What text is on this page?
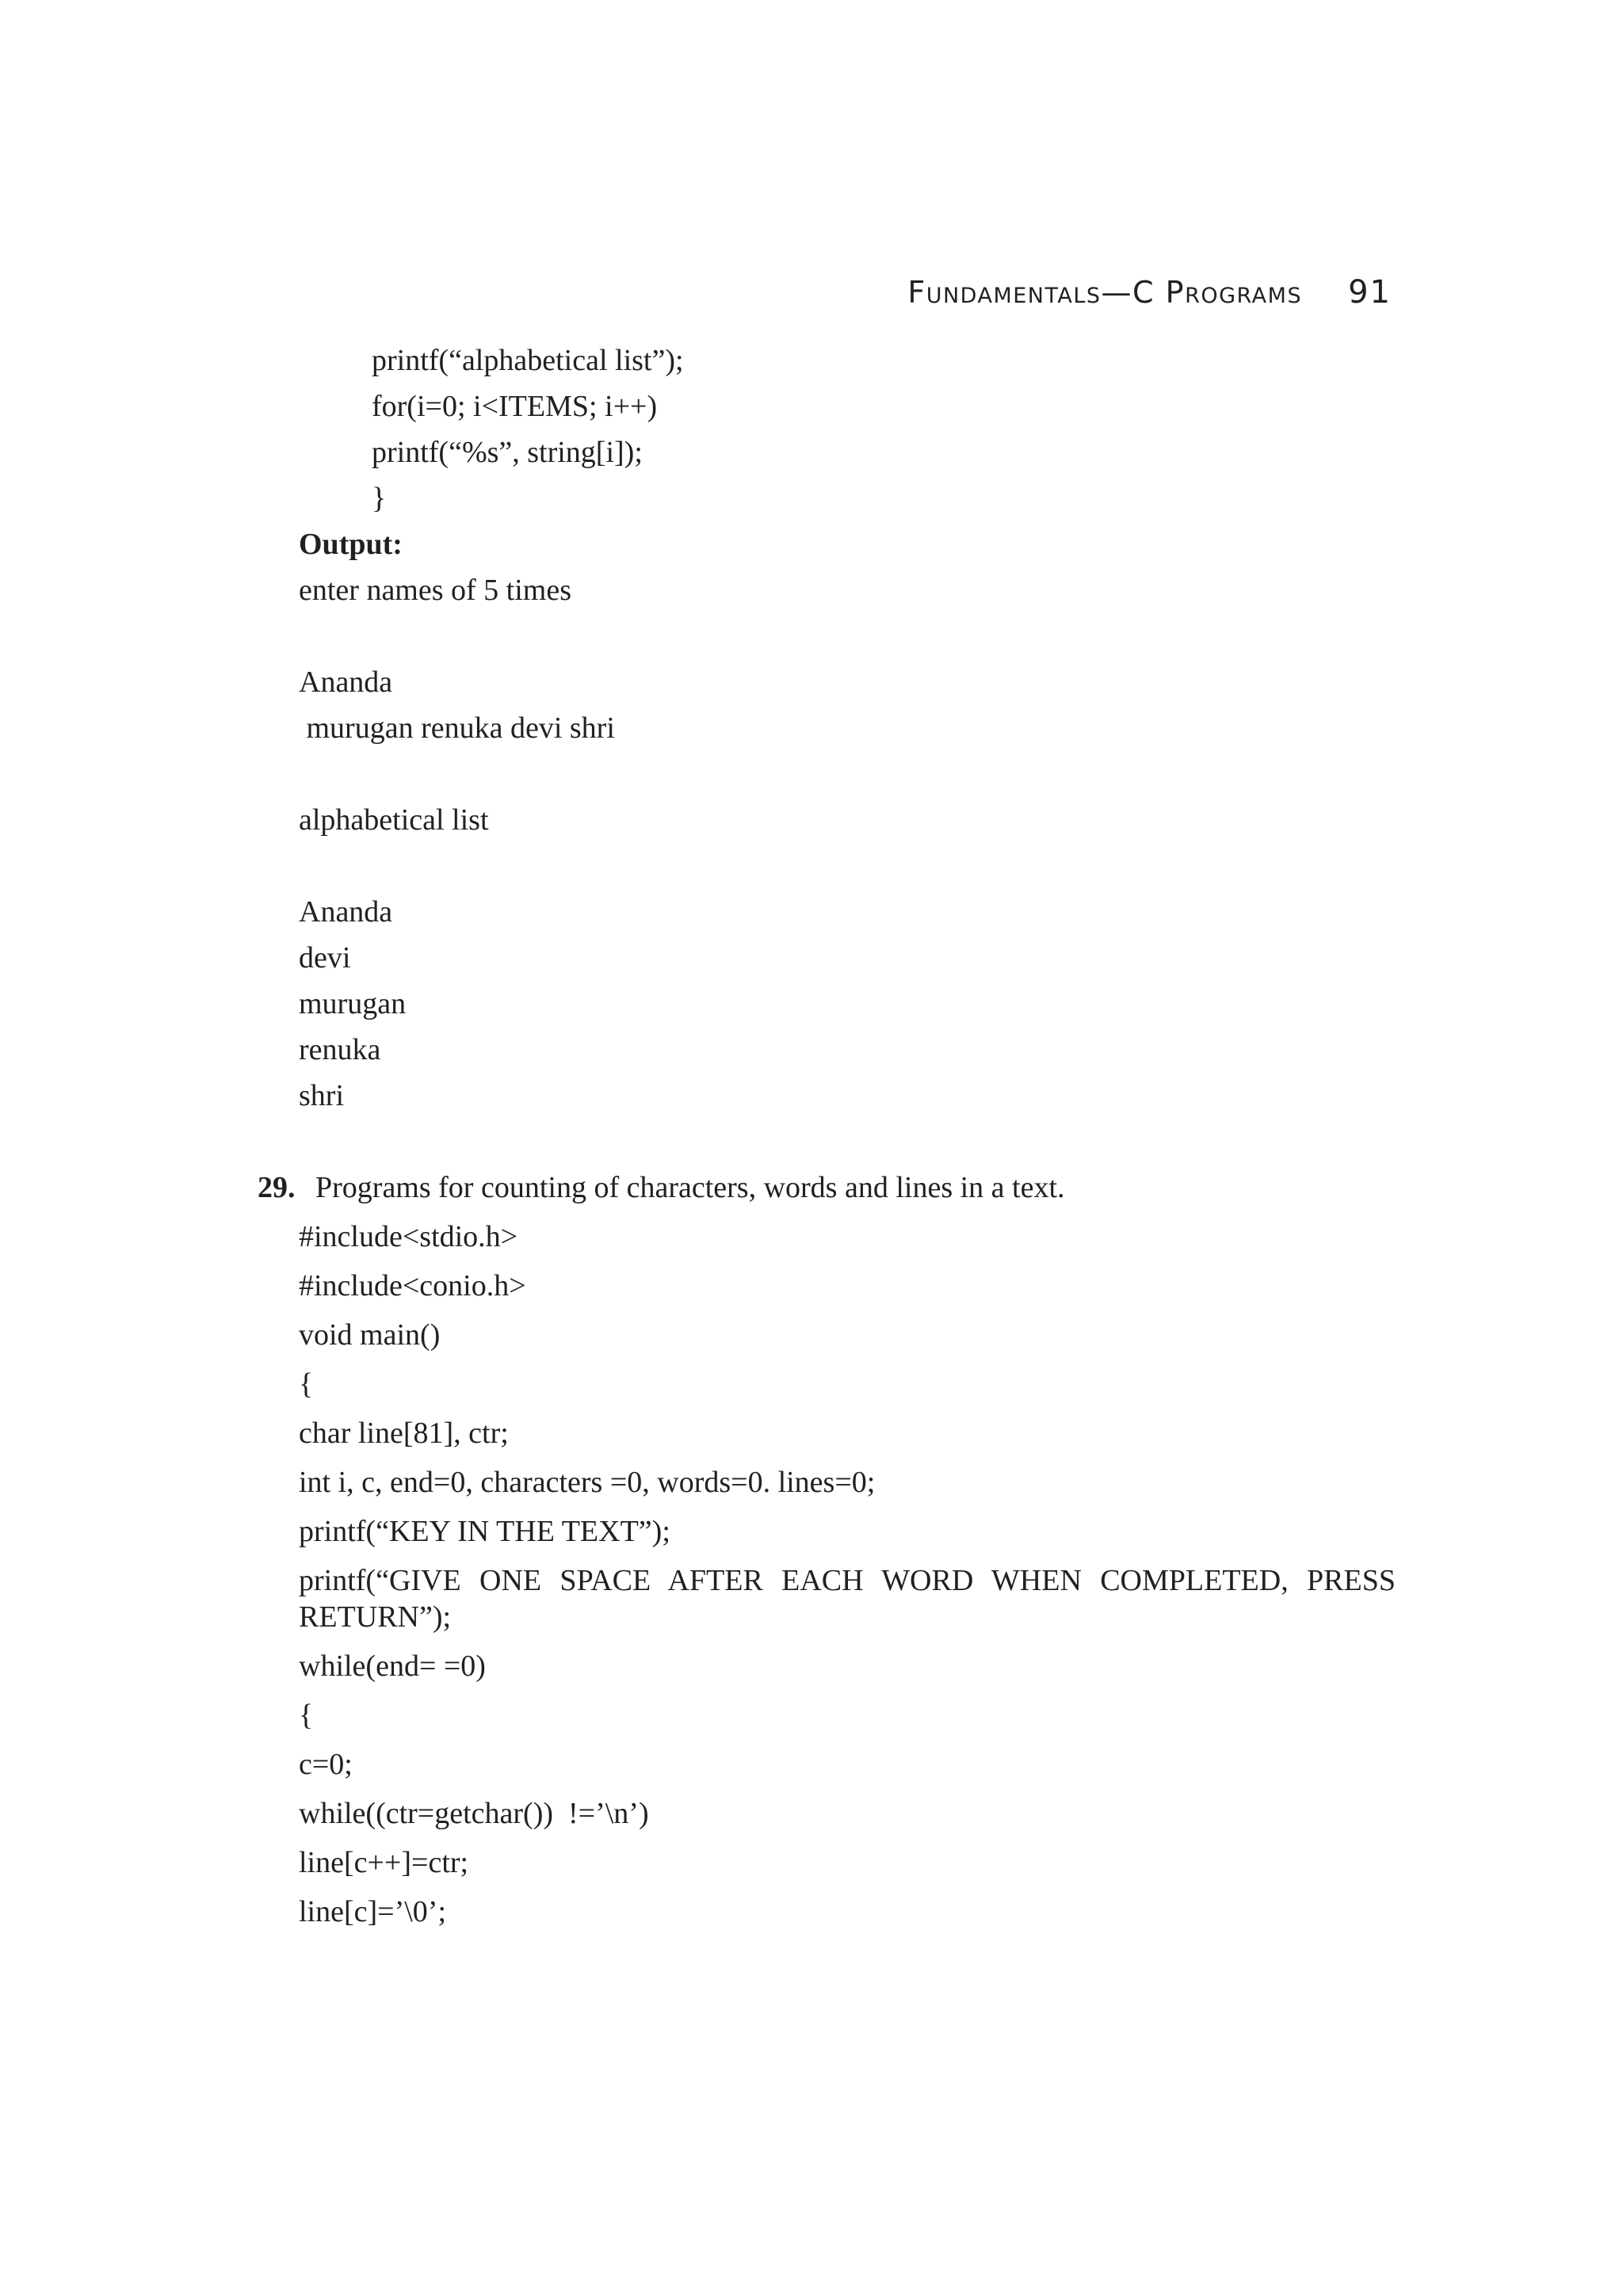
Fundamentals—C Programs 91
printf(“alphabetical list”);
for(i=0; i<ITEMS; i++)
printf(“%s”, string[i]);
}
Output:
enter names of 5 times
Ananda
murugan renuka devi shri
alphabetical list
Ananda
devi
murugan
renuka
shri
29. Programs for counting of characters, words and lines in a text.
#include<stdio.h>
#include<conio.h>
void main()
{
char line[81], ctr;
int i, c, end=0, characters =0, words=0. lines=0;
printf(“KEY IN THE TEXT”);
printf(“GIVE ONE SPACE AFTER EACH WORD WHEN COMPLETED, PRESS
RETURN”);
while(end= =0)
{
c=0;
while((ctr=getchar())  !=’\n’)
line[c++]=ctr;
line[c]=’\0’;
